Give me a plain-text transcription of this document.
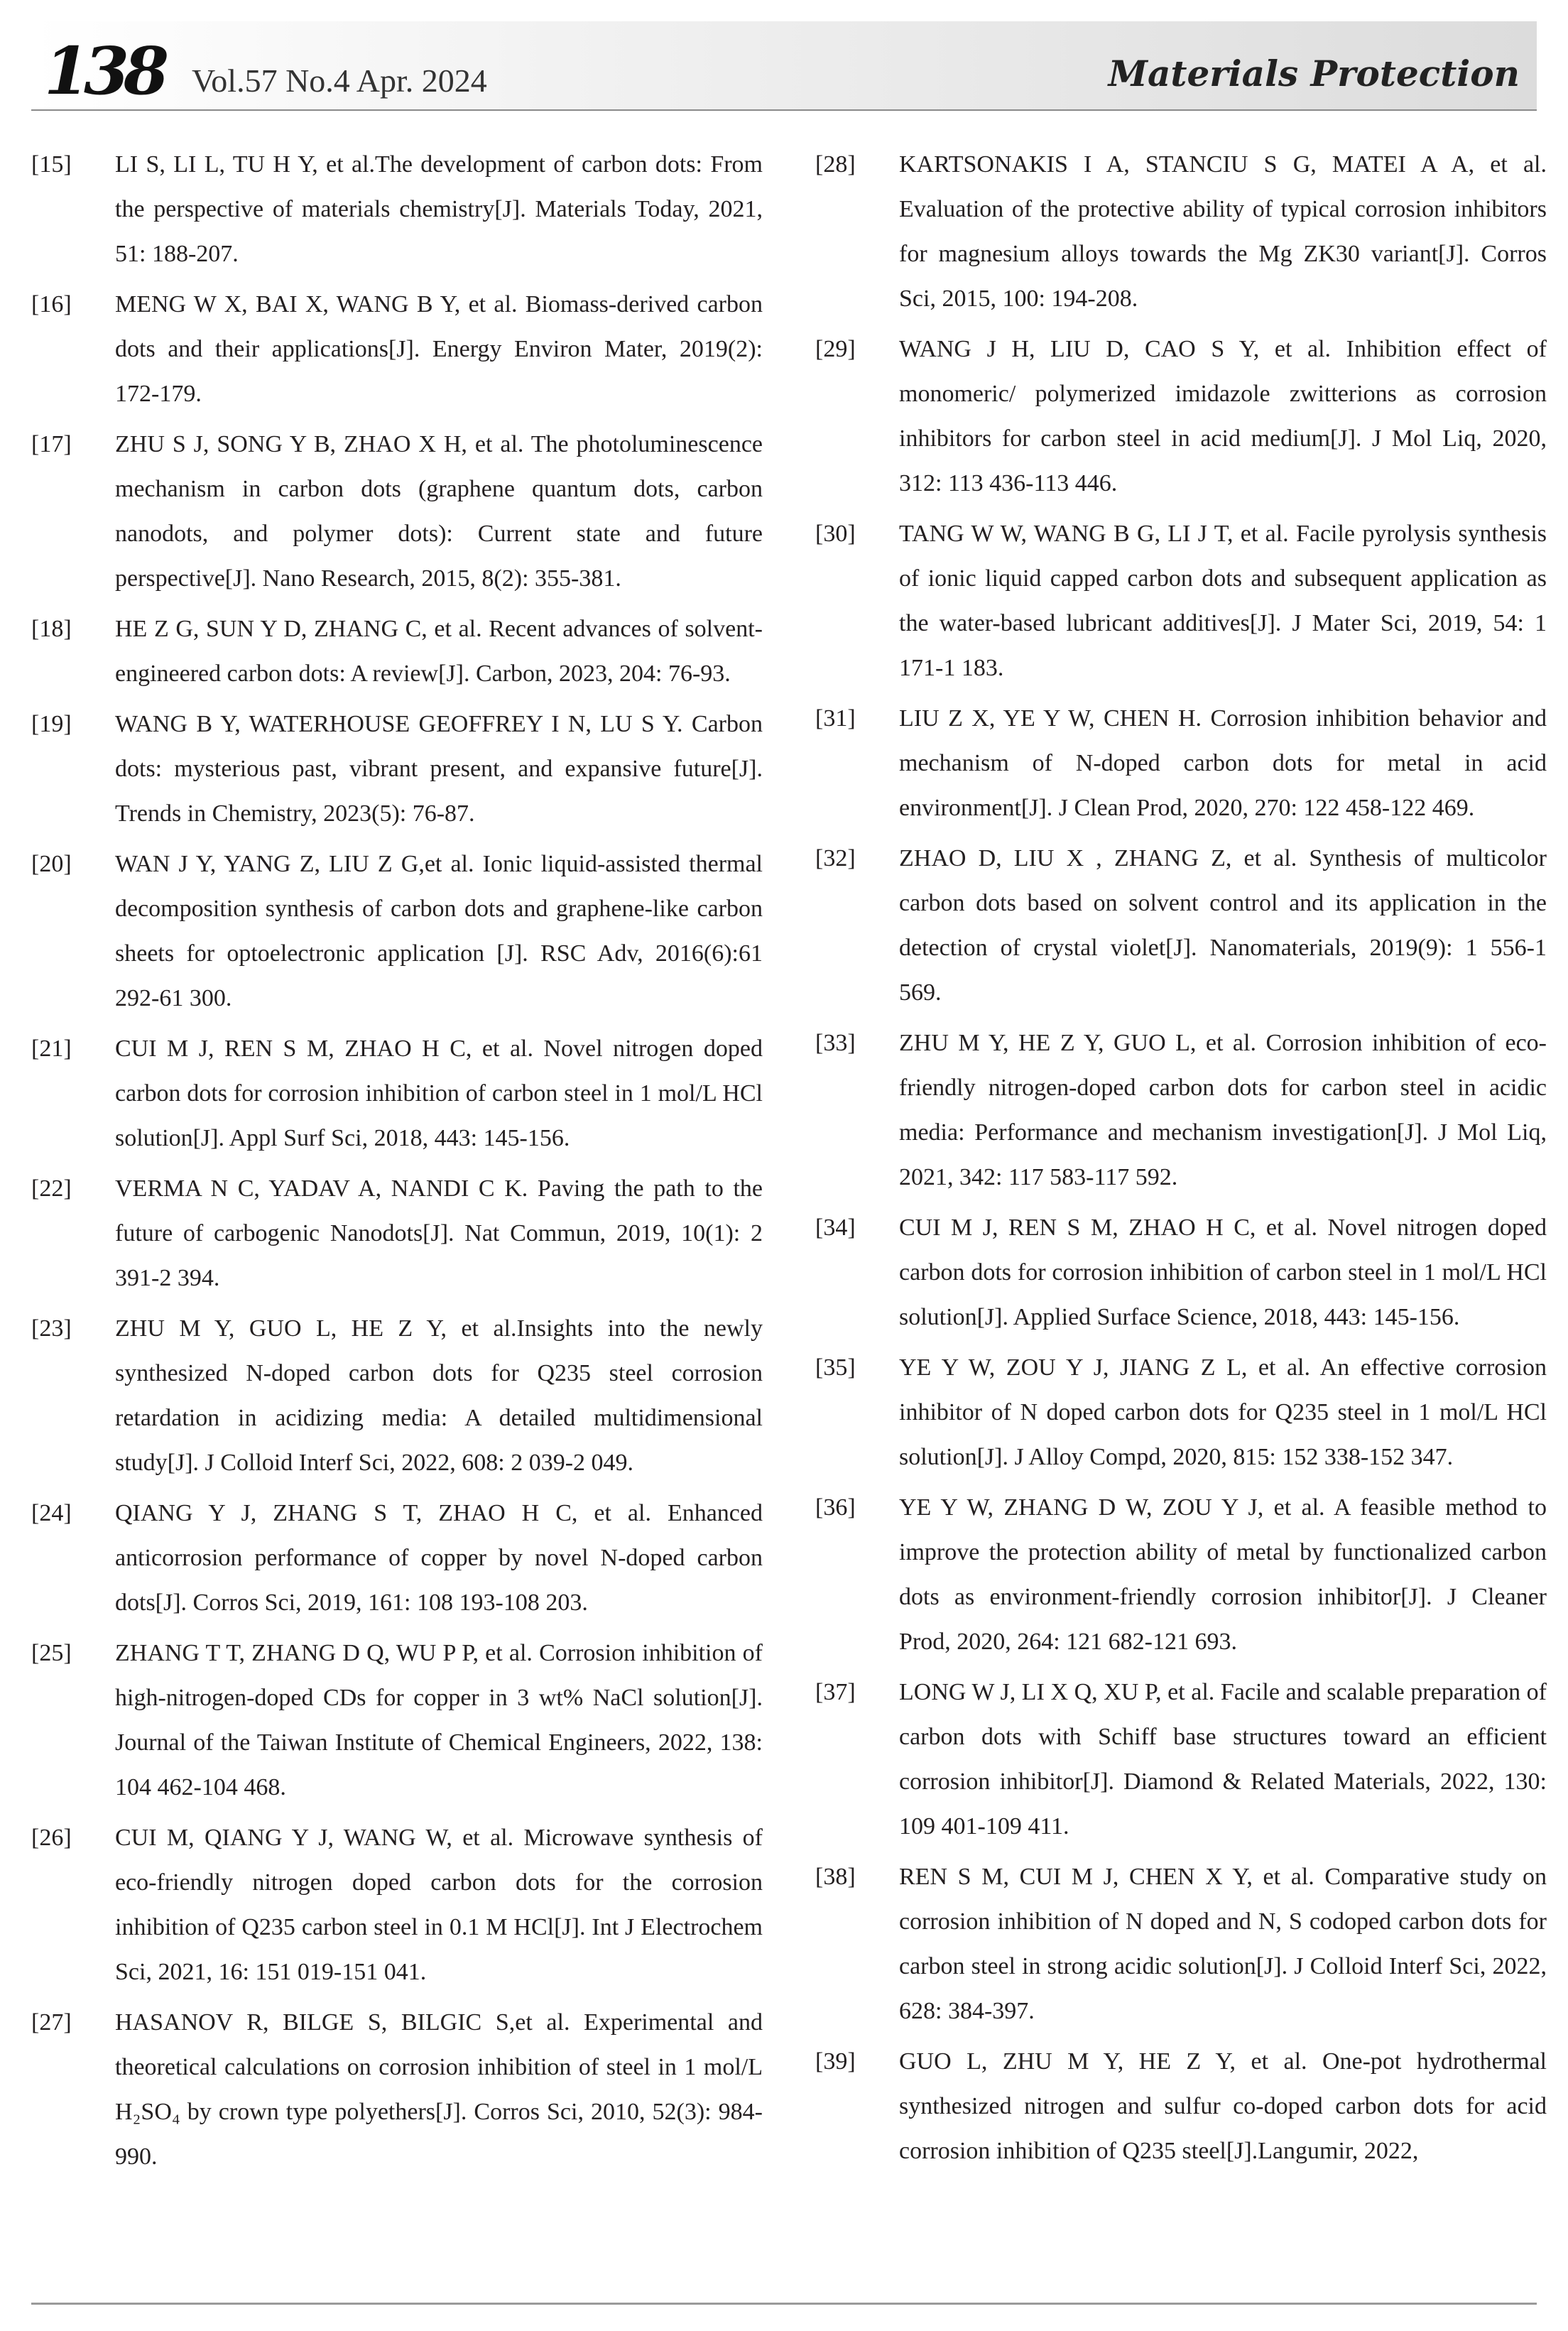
138 Vol.57 No.4 Apr. 2024	Materials Protection
[15]	LI S, LI L, TU H Y, et al.The development of carbon dots: From the perspective of materials chemistry[J]. Materials Today, 2021, 51: 188-207.
[16]	MENG W X, BAI X, WANG B Y, et al. Biomass-derived carbon dots and their applications[J]. Energy Environ Mater, 2019(2): 172-179.
[17]	ZHU S J, SONG Y B, ZHAO X H, et al. The photoluminescence mechanism in carbon dots (graphene quantum dots, carbon nanodots, and polymer dots): Current state and future perspective[J]. Nano Research, 2015, 8(2): 355-381.
[18]	HE Z G, SUN Y D, ZHANG C, et al. Recent advances of solvent-engineered carbon dots: A review[J]. Carbon, 2023, 204: 76-93.
[19]	WANG B Y, WATERHOUSE GEOFFREY I N, LU S Y. Carbon dots: mysterious past, vibrant present, and expansive future[J]. Trends in Chemistry, 2023(5): 76-87.
[20]	WAN J Y, YANG Z, LIU Z G,et al. Ionic liquid-assisted thermal decomposition synthesis of carbon dots and graphene-like carbon sheets for optoelectronic application [J]. RSC Adv, 2016(6):61 292-61 300.
[21]	CUI M J, REN S M, ZHAO H C, et al. Novel nitrogen doped carbon dots for corrosion inhibition of carbon steel in 1 mol/L HCl solution[J]. Appl Surf Sci, 2018, 443: 145-156.
[22]	VERMA N C, YADAV A, NANDI C K. Paving the path to the future of carbogenic Nanodots[J]. Nat Commun, 2019, 10(1): 2 391-2 394.
[23]	ZHU M Y, GUO L, HE Z Y, et al.Insights into the newly synthesized N-doped carbon dots for Q235 steel corrosion retardation in acidizing media: A detailed multidimensional study[J]. J Colloid Interf Sci, 2022, 608: 2 039-2 049.
[24]	QIANG Y J, ZHANG S T, ZHAO H C, et al. Enhanced anticorrosion performance of copper by novel N-doped carbon dots[J]. Corros Sci, 2019, 161: 108 193-108 203.
[25]	ZHANG T T, ZHANG D Q, WU P P, et al. Corrosion inhibition of high-nitrogen-doped CDs for copper in 3 wt% NaCl solution[J]. Journal of the Taiwan Institute of Chemical Engineers, 2022, 138: 104 462-104 468.
[26]	CUI M, QIANG Y J, WANG W, et al. Microwave synthesis of eco-friendly nitrogen doped carbon dots for the corrosion inhibition of Q235 carbon steel in 0.1 M HCl[J]. Int J Electrochem Sci, 2021, 16: 151 019-151 041.
[27]	HASANOV R, BILGE S, BILGIC S,et al. Experimental and theoretical calculations on corrosion inhibition of steel in 1 mol/L H₂SO₄ by crown type polyethers[J]. Corros Sci, 2010, 52(3): 984-990.
[28]	KARTSONAKIS I A, STANCIU S G, MATEI A A, et al. Evaluation of the protective ability of typical corrosion inhibitors for magnesium alloys towards the Mg ZK30 variant[J]. Corros Sci, 2015, 100: 194-208.
[29]	WANG J H, LIU D, CAO S Y, et al. Inhibition effect of monomeric/ polymerized imidazole zwitterions as corrosion inhibitors for carbon steel in acid medium[J]. J Mol Liq, 2020, 312: 113 436-113 446.
[30]	TANG W W, WANG B G, LI J T, et al. Facile pyrolysis synthesis of ionic liquid capped carbon dots and subsequent application as the water-based lubricant additives[J]. J Mater Sci, 2019, 54: 1 171-1 183.
[31]	LIU Z X, YE Y W, CHEN H. Corrosion inhibition behavior and mechanism of N-doped carbon dots for metal in acid environment[J]. J Clean Prod, 2020, 270: 122 458-122 469.
[32]	ZHAO D, LIU X , ZHANG Z, et al. Synthesis of multicolor carbon dots based on solvent control and its application in the detection of crystal violet[J]. Nanomaterials, 2019(9): 1 556-1 569.
[33]	ZHU M Y, HE Z Y, GUO L, et al. Corrosion inhibition of eco-friendly nitrogen-doped carbon dots for carbon steel in acidic media: Performance and mechanism investigation[J]. J Mol Liq, 2021, 342: 117 583-117 592.
[34]	CUI M J, REN S M, ZHAO H C, et al. Novel nitrogen doped carbon dots for corrosion inhibition of carbon steel in 1 mol/L HCl solution[J]. Applied Surface Science, 2018, 443: 145-156.
[35]	YE Y W, ZOU Y J, JIANG Z L, et al. An effective corrosion inhibitor of N doped carbon dots for Q235 steel in 1 mol/L HCl solution[J]. J Alloy Compd, 2020, 815: 152 338-152 347.
[36]	YE Y W, ZHANG D W, ZOU Y J, et al. A feasible method to improve the protection ability of metal by functionalized carbon dots as environment-friendly corrosion inhibitor[J]. J Cleaner Prod, 2020, 264: 121 682-121 693.
[37]	LONG W J, LI X Q, XU P, et al. Facile and scalable preparation of carbon dots with Schiff base structures toward an efficient corrosion inhibitor[J]. Diamond & Related Materials, 2022, 130: 109 401-109 411.
[38]	REN S M, CUI M J, CHEN X Y, et al. Comparative study on corrosion inhibition of N doped and N, S codoped carbon dots for carbon steel in strong acidic solution[J]. J Colloid Interf Sci, 2022, 628: 384-397.
[39]	GUO L, ZHU M Y, HE Z Y, et al. One-pot hydrothermal synthesized nitrogen and sulfur co-doped carbon dots for acid corrosion inhibition of Q235 steel[J].Langumir, 2022,
